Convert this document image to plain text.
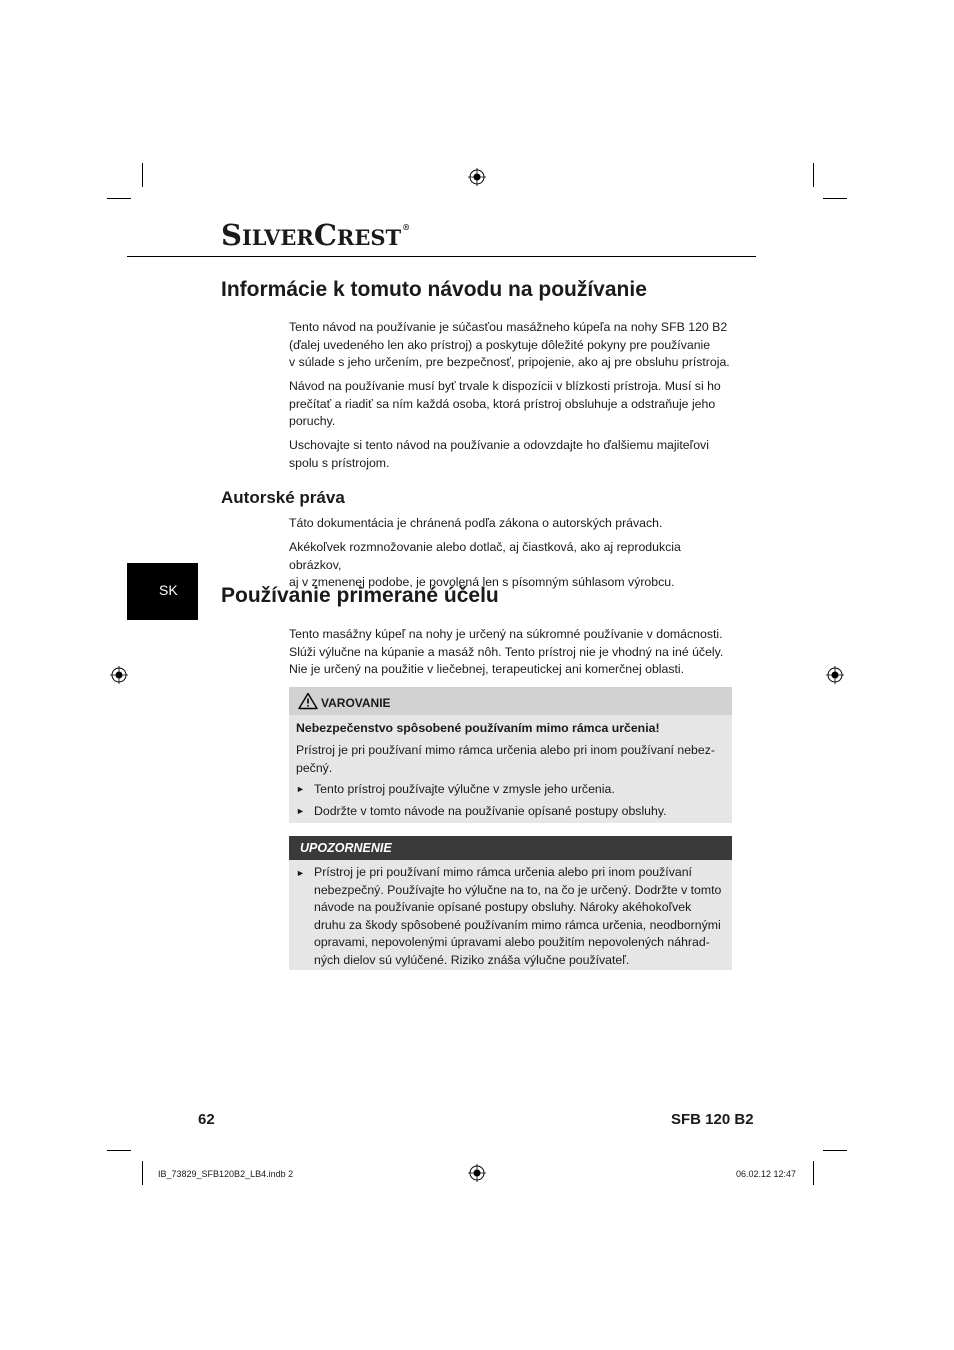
SILVERCREST®
Informácie k tomuto návodu na používanie

Tento návod na používanie je súčasťou masážneho kúpeľa na nohy SFB 120 B2
(ďalej uvedeného len ako prístroj) a poskytuje dôležité pokyny pre používanie
v súlade s jeho určením, pre bezpečnosť, pripojenie, ako aj pre obsluhu prístroja.

Návod na používanie musí byť trvale k dispozícii v blízkosti prístroja. Musí si ho
prečítať a riadiť sa ním každá osoba, ktorá prístroj obsluhuje a odstraňuje jeho
poruchy.

Uschovajte si tento návod na používanie a odovzdajte ho ďalšiemu majiteľovi
spolu s prístrojom.

Autorské práva

Táto dokumentácia je chránená podľa zákona o autorských právach.

Akékoľvek rozmnožovanie alebo dotlač, aj čiastková, ako aj reprodukcia obrázkov,
aj v zmenenej podobe, je povolená len s písomným súhlasom výrobcu.

SK Používanie primerané účelu

Tento masážny kúpeľ na nohy je určený na súkromné používanie v domácnosti.
Slúži výlučne na kúpanie a masáž nôh. Tento prístroj nie je vhodný na iné účely.
Nie je určený na použitie v liečebnej, terapeutickej ani komerčnej oblasti.

VAROVANIE

Nebezpečenstvo spôsobené používaním mimo rámca určenia!

Prístroj je pri používaní mimo rámca určenia alebo pri inom používaní nebez-
pečný.

► Tento prístroj používajte výlučne v zmysle jeho určenia.

► Dodržte v tomto návode na používanie opísané postupy obsluhy.

UPOZORNENIE
► Prístroj je pri používaní mimo rámca určenia alebo pri inom používaní
nebezpečný. Používajte ho výlučne na to, na čo je určený. Dodržte v tomto
návode na používanie opísané postupy obsluhy. Nároky akéhokoľvek
druhu za škody spôsobené používaním mimo rámca určenia, neodbornými
opravami, nepovolenými úpravami alebo použitím nepovolených náhrad-
ných dielov sú vylúčené. Riziko znáša výlučne používateľ.

62	SFB 120 B2
IB_73829_SFB120B2_LB4.indb 2	06.02.12 12:47
